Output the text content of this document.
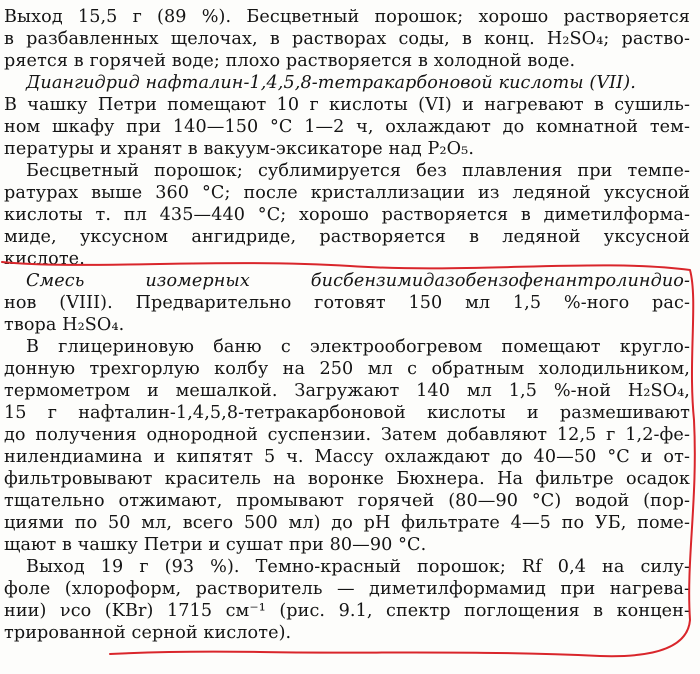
Выход 15,5 г (89 %). Бесцветный порошок; хорошо растворяется
в разбавленных щелочах, в растворах соды, в конц. H₂SO₄; раство-
ряется в горячей воде; плохо растворяется в холодной воде.
Диангидрид нафталин-1,4,5,8-тетракарбоновой кислоты (VII).
В чашку Петри помещают 10 г кислоты (VI) и нагревают в сушиль-
ном шкафу при 140—150 °С 1—2 ч, охлаждают до комнатной тем-
пературы и хранят в вакуум-эксикаторе над P₂O₅.
Бесцветный порошок; сублимируется без плавления при темпе-
ратурах выше 360 °С; после кристаллизации из ледяной уксусной
кислоты т. пл 435—440 °С; хорошо растворяется в диметилформа-
миде, уксусном ангидриде, растворяется в ледяной уксусной
кислоте.
Смесь изомерных бисбензимидазобензофенантролиндио-
нов (VIII). Предварительно готовят 150 мл 1,5 %-ного рас-
твора H₂SO₄.
В глицериновую баню с электрообогревом помещают кругло-
донную трехгорлую колбу на 250 мл с обратным холодильником,
термометром и мешалкой. Загружают 140 мл 1,5 %-ной H₂SO₄,
15 г нафталин-1,4,5,8-тетракарбоновой кислоты и размешивают
до получения однородной суспензии. Затем добавляют 12,5 г 1,2-фе-
нилендиамина и кипятят 5 ч. Массу охлаждают до 40—50 °С и от-
фильтровывают краситель на воронке Бюхнера. На фильтре осадок
тщательно отжимают, промывают горячей (80—90 °С) водой (пор-
циями по 50 мл, всего 500 мл) до pH фильтрате 4—5 по УБ, поме-
щают в чашку Петри и сушат при 80—90 °С.
Выход 19 г (93 %). Темно-красный порошок; Rf 0,4 на силу-
фоле (хлороформ, растворитель — диметилформамид при нагрева-
нии) νco (KBr) 1715 см⁻¹ (рис. 9.1, спектр поглощения в концен-
трированной серной кислоте).
